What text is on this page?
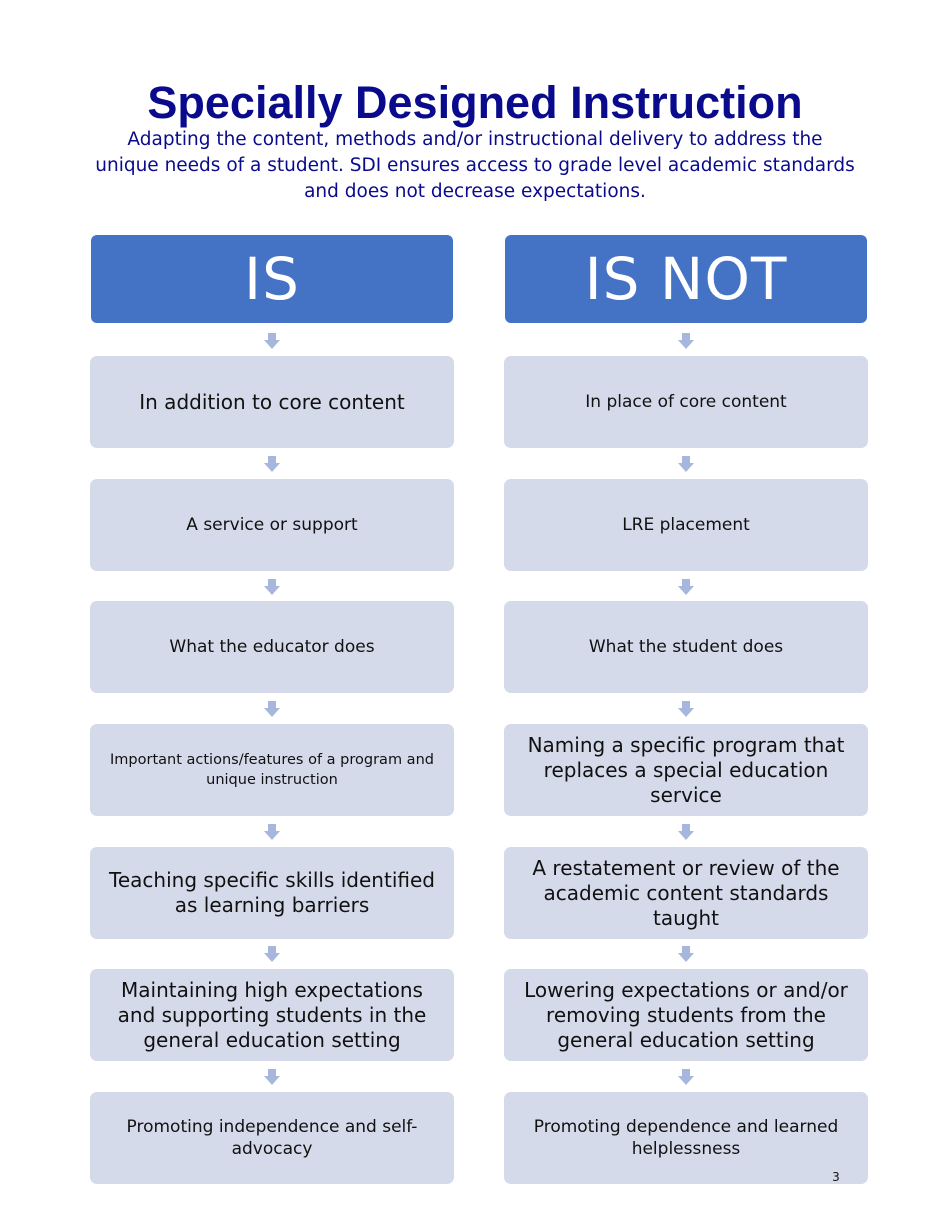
Specially Designed Instruction
Adapting the content, methods and/or instructional delivery to address the unique needs of a student. SDI ensures access to grade level academic standards and does not decrease expectations.
IS
In addition to core content
A service or support
What the educator does
Important actions/features of a program and unique instruction
Teaching specific skills identified as learning barriers
Maintaining high expectations and supporting students in the general education setting
Promoting independence and self-advocacy
IS NOT
In place of core content
LRE placement
What the student does
Naming a specific program that replaces a special education service
A restatement or review of the academic content standards taught
Lowering expectations or and/or removing students from the general education setting
Promoting dependence and learned helplessness
3
